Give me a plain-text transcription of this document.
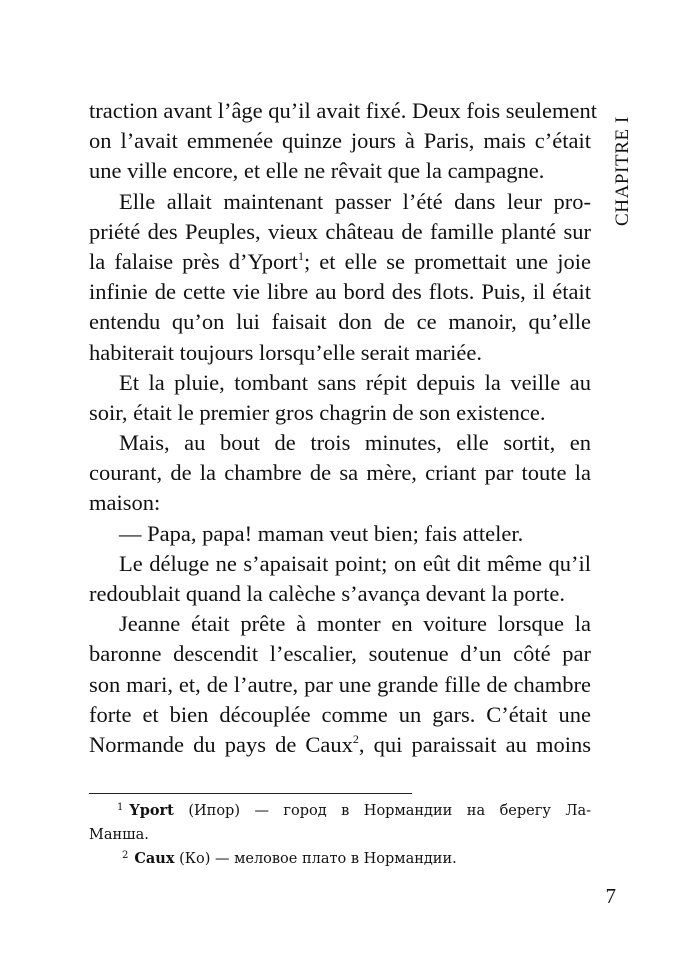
CHAPITRE I
traction avant l’âge qu’il avait fixé. Deux fois seulement
on l’avait emmenée quinze jours à Paris, mais c’était
une ville encore, et elle ne rêvait que la campagne.
Elle allait maintenant passer l’été dans leur pro-
priété des Peuples, vieux château de famille planté sur
la falaise près d’Yport$^1$; et elle se promettait une joie
infinie de cette vie libre au bord des flots. Puis, il était
entendu qu’on lui faisait don de ce manoir, qu’elle
habiterait toujours lorsqu’elle serait mariée.
Et la pluie, tombant sans répit depuis la veille au
soir, était le premier gros chagrin de son existence.
Mais, au bout de trois minutes, elle sortit, en
courant, de la chambre de sa mère, criant par toute la
maison:
— Papa, papa! maman veut bien; fais atteler.
Le déluge ne s’apaisait point; on eût dit même qu’il
redoublait quand la calèche s’avança devant la porte.
Jeanne était prête à monter en voiture lorsque la
baronne descendit l’escalier, soutenue d’un côté par
son mari, et, de l’autre, par une grande fille de chambre
forte et bien découplée comme un gars. C’était une
Normande du pays de Caux$^2$, qui paraissait au moins
$^1$ Yport (Ипор) — город в Нормандии на берегу Ла-
Манша.
$^2$ Caux (Ко) — меловое плато в Нормандии.
7
